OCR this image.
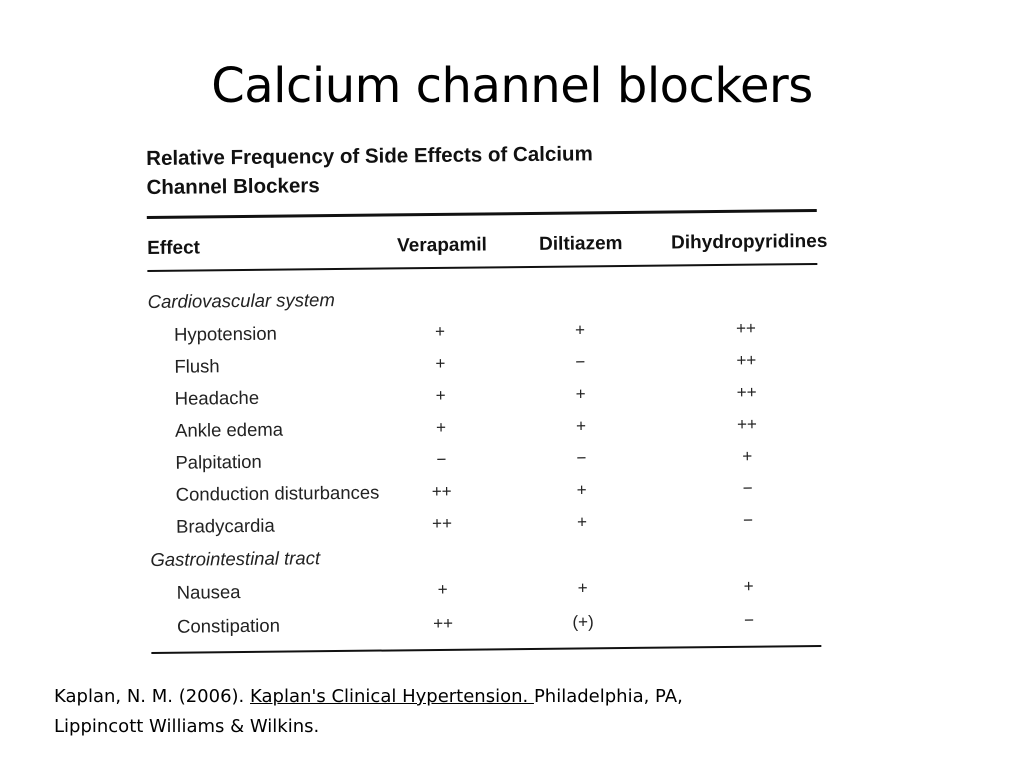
Calcium channel blockers
Relative Frequency of Side Effects of Calcium
Channel Blockers
Effect	Verapamil	Diltiazem	Dihydropyridines
Cardiovascular system
Hypotension	+	+	++
Flush	+	−	++
Headache	+	+	++
Ankle edema	+	+	++
Palpitation	−	−	+
Conduction disturbances	++	+	−
Bradycardia	++	+	−
Gastrointestinal tract
Nausea	+	+	+
Constipation	++	(+)	−
Kaplan, N. M. (2006). Kaplan's Clinical Hypertension. Philadelphia, PA,
Lippincott Williams & Wilkins.
